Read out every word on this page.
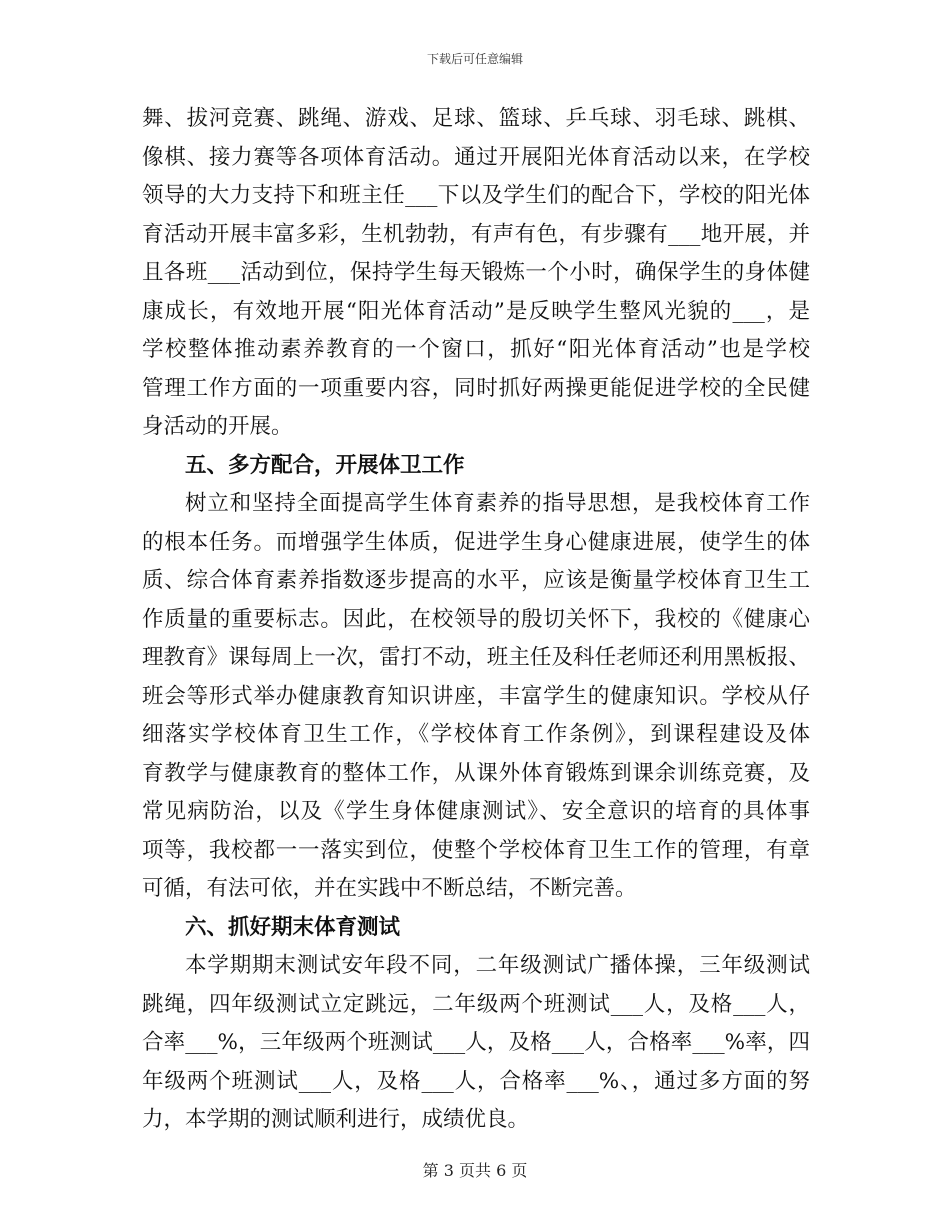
下载后可任意编辑
舞、拔河竞赛、跳绳、游戏、足球、篮球、乒乓球、羽毛球、跳棋、
像棋、接力赛等各项体育活动。通过开展阳光体育活动以来，在学校
领导的大力支持下和班主任___下以及学生们的配合下，学校的阳光体
育活动开展丰富多彩，生机勃勃，有声有色，有步骤有___地开展，并
且各班___活动到位，保持学生每天锻炼一个小时，确保学生的身体健
康成长，有效地开展“阳光体育活动”是反映学生整风光貌的___，是
学校整体推动素养教育的一个窗口，抓好“阳光体育活动”也是学校
管理工作方面的一项重要内容，同时抓好两操更能促进学校的全民健
身活动的开展。
五、多方配合，开展体卫工作
树立和坚持全面提高学生体育素养的指导思想，是我校体育工作
的根本任务。而增强学生体质，促进学生身心健康进展，使学生的体
质、综合体育素养指数逐步提高的水平，应该是衡量学校体育卫生工
作质量的重要标志。因此，在校领导的殷切关怀下，我校的《健康心
理教育》课每周上一次，雷打不动，班主任及科任老师还利用黑板报、
班会等形式举办健康教育知识讲座，丰富学生的健康知识。学校从仔
细落实学校体育卫生工作，《学校体育工作条例》，到课程建设及体
育教学与健康教育的整体工作，从课外体育锻炼到课余训练竞赛，及
常见病防治，以及《学生身体健康测试》、安全意识的培育的具体事
项等，我校都一一落实到位，使整个学校体育卫生工作的管理，有章
可循，有法可依，并在实践中不断总结，不断完善。
六、抓好期末体育测试
本学期期末测试安年段不同，二年级测试广播体操，三年级测试
跳绳，四年级测试立定跳远，二年级两个班测试___人，及格___人，
合率___%，三年级两个班测试___人，及格___人，合格率___%率，四
年级两个班测试___人，及格___人，合格率___%、，通过多方面的努
力，本学期的测试顺利进行，成绩优良。
第 3 页共 6 页
